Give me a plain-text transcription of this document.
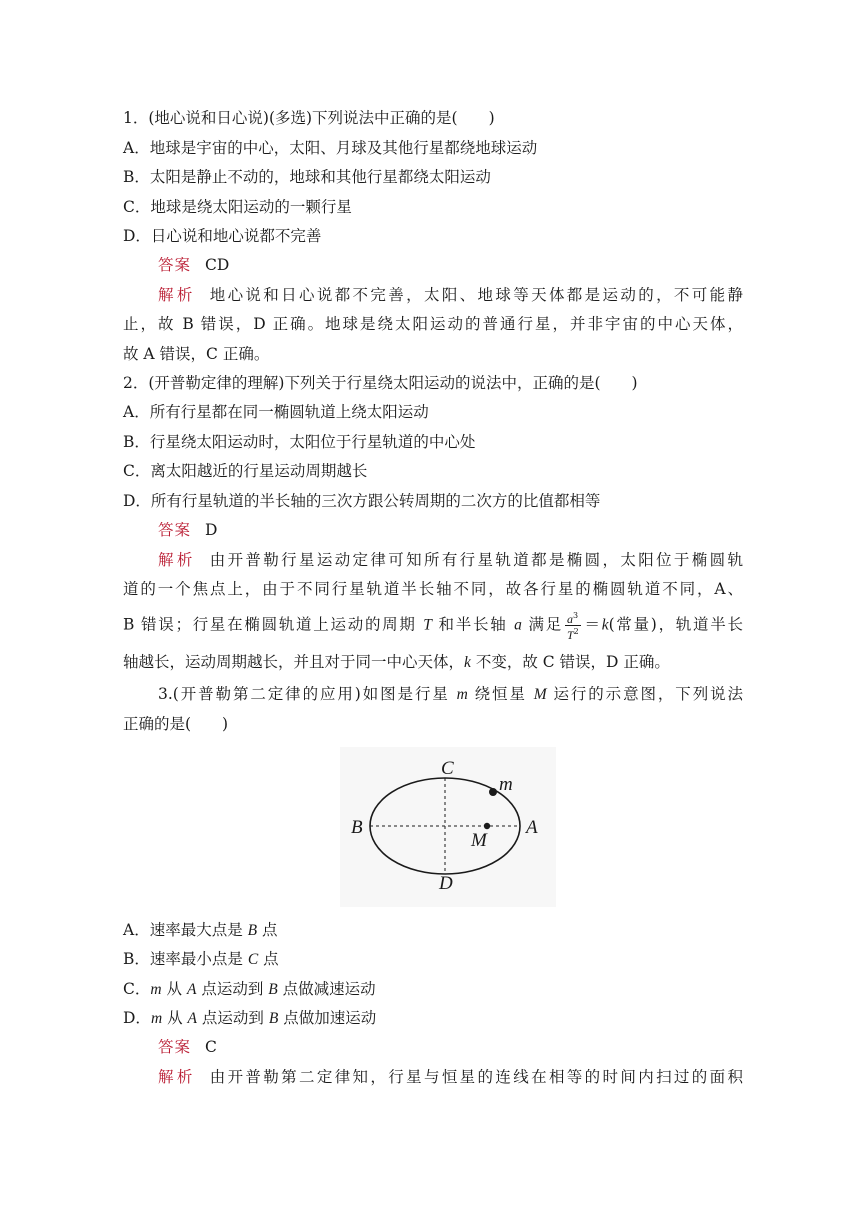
1．(地心说和日心说)(多选)下列说法中正确的是(　　)
A．地球是宇宙的中心，太阳、月球及其他行星都绕地球运动
B．太阳是静止不动的，地球和其他行星都绕太阳运动
C．地球是绕太阳运动的一颗行星
D．日心说和地心说都不完善
答案 CD
解析 地心说和日心说都不完善，太阳、地球等天体都是运动的，不可能静
止，故 B 错误，D 正确。地球是绕太阳运动的普通行星，并非宇宙的中心天体，
故 A 错误，C 正确。
2．(开普勒定律的理解)下列关于行星绕太阳运动的说法中，正确的是(　　)
A．所有行星都在同一椭圆轨道上绕太阳运动
B．行星绕太阳运动时，太阳位于行星轨道的中心处
C．离太阳越近的行星运动周期越长
D．所有行星轨道的半长轴的三次方跟公转周期的二次方的比值都相等
答案 D
解析 由开普勒行星运动定律可知所有行星轨道都是椭圆，太阳位于椭圆轨
道的一个焦点上，由于不同行星轨道半长轴不同，故各行星的椭圆轨道不同，A、
B 错误；行星在椭圆轨道上运动的周期 T 和半长轴 a 满足 $\frac{a^3}{T^2} =k$(常量)，轨道半长
轴越长，运动周期越长，并且对于同一中心天体，k 不变，故 C 错误，D 正确。
3.(开普勒第二定律的应用)如图是行星 m 绕恒星 M 运行的示意图，下列说法
正确的是(　　)
C
B	A
D
m
M
A．速率最大点是 B 点
B．速率最小点是 C 点
C．m 从 A 点运动到 B 点做减速运动
D．m 从 A 点运动到 B 点做加速运动
答案 C
解析 由开普勒第二定律知，行星与恒星的连线在相等的时间内扫过的面积
